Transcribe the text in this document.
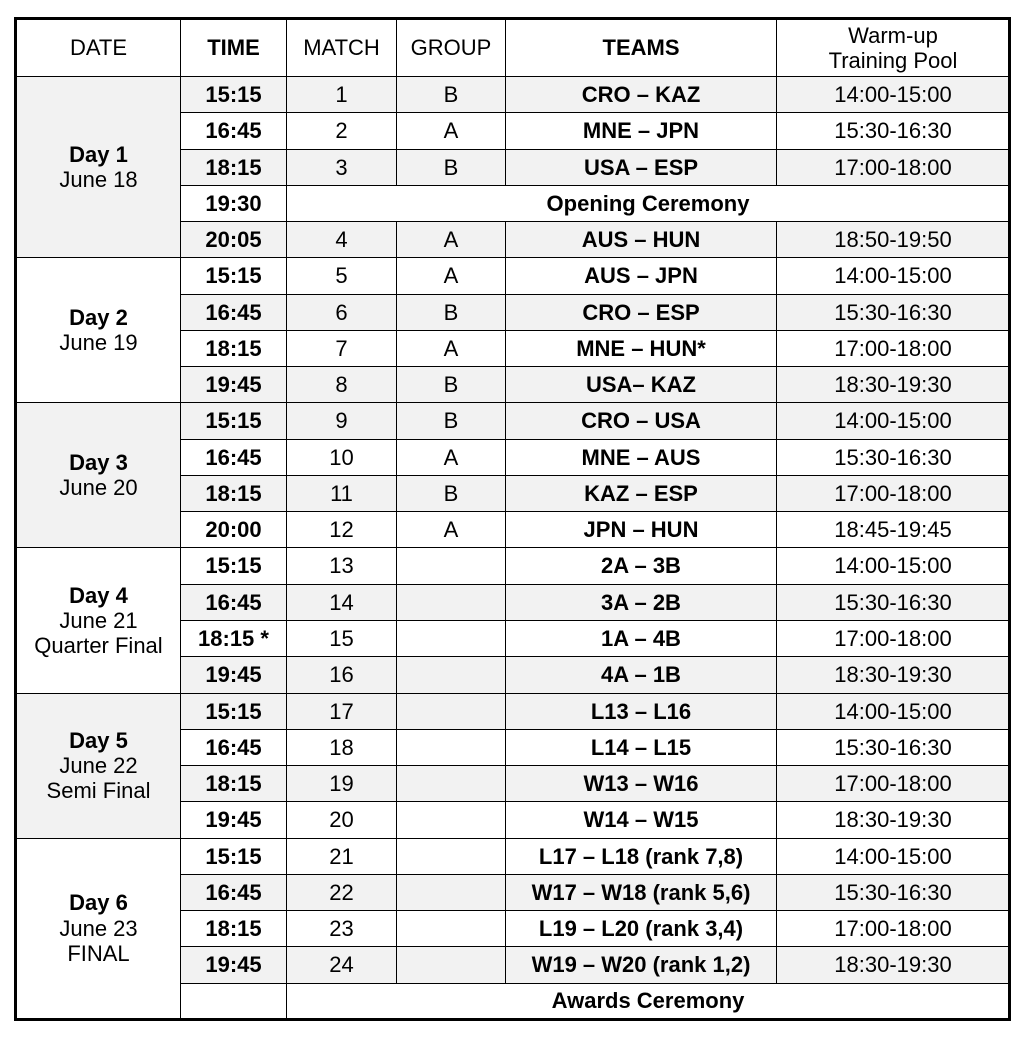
DATE	TIME	MATCH	GROUP	TEAMS	Warm-up
Training Pool	

Day 1
June 18	15:15	1	B	CRO – KAZ	14:00-15:00	
	16:45	2	A	MNE – JPN	15:30-16:30	
	18:15	3	B	USA – ESP	17:00-18:00	
	19:30	Opening Ceremony				
	20:05	4	A	AUS – HUN	18:50-19:50	

Day 2
June 19	15:15	5	A	AUS – JPN	14:00-15:00	
	16:45	6	B	CRO – ESP	15:30-16:30	
	18:15	7	A	MNE – HUN*	17:00-18:00	
	19:45	8	B	USA– KAZ	18:30-19:30	

Day 3
June 20	15:15	9	B	CRO – USA	14:00-15:00	
	16:45	10	A	MNE – AUS	15:30-16:30	
	18:15	11	B	KAZ – ESP	17:00-18:00	
	20:00	12	A	JPN – HUN	18:45-19:45	

Day 4
June 21
Quarter Final	15:15	13		2A – 3B	14:00-15:00	
	16:45	14		3A – 2B	15:30-16:30	
	18:15 *	15		1A – 4B	17:00-18:00	
	19:45	16		4A – 1B	18:30-19:30	

Day 5
June 22
Semi Final	15:15	17		L13 – L16	14:00-15:00	
	16:45	18		L14 – L15	15:30-16:30	
	18:15	19		W13 – W16	17:00-18:00	
	19:45	20		W14 – W15	18:30-19:30	

Day 6
June 23
FINAL	15:15	21		L17 – L18 (rank 7,8)	14:00-15:00	
	16:45	22		W17 – W18 (rank 5,6)	15:30-16:30	
	18:15	23		L19 – L20 (rank 3,4)	17:00-18:00	
	19:45	24		W19 – W20 (rank 1,2)	18:30-19:30	
		Awards Ceremony				
